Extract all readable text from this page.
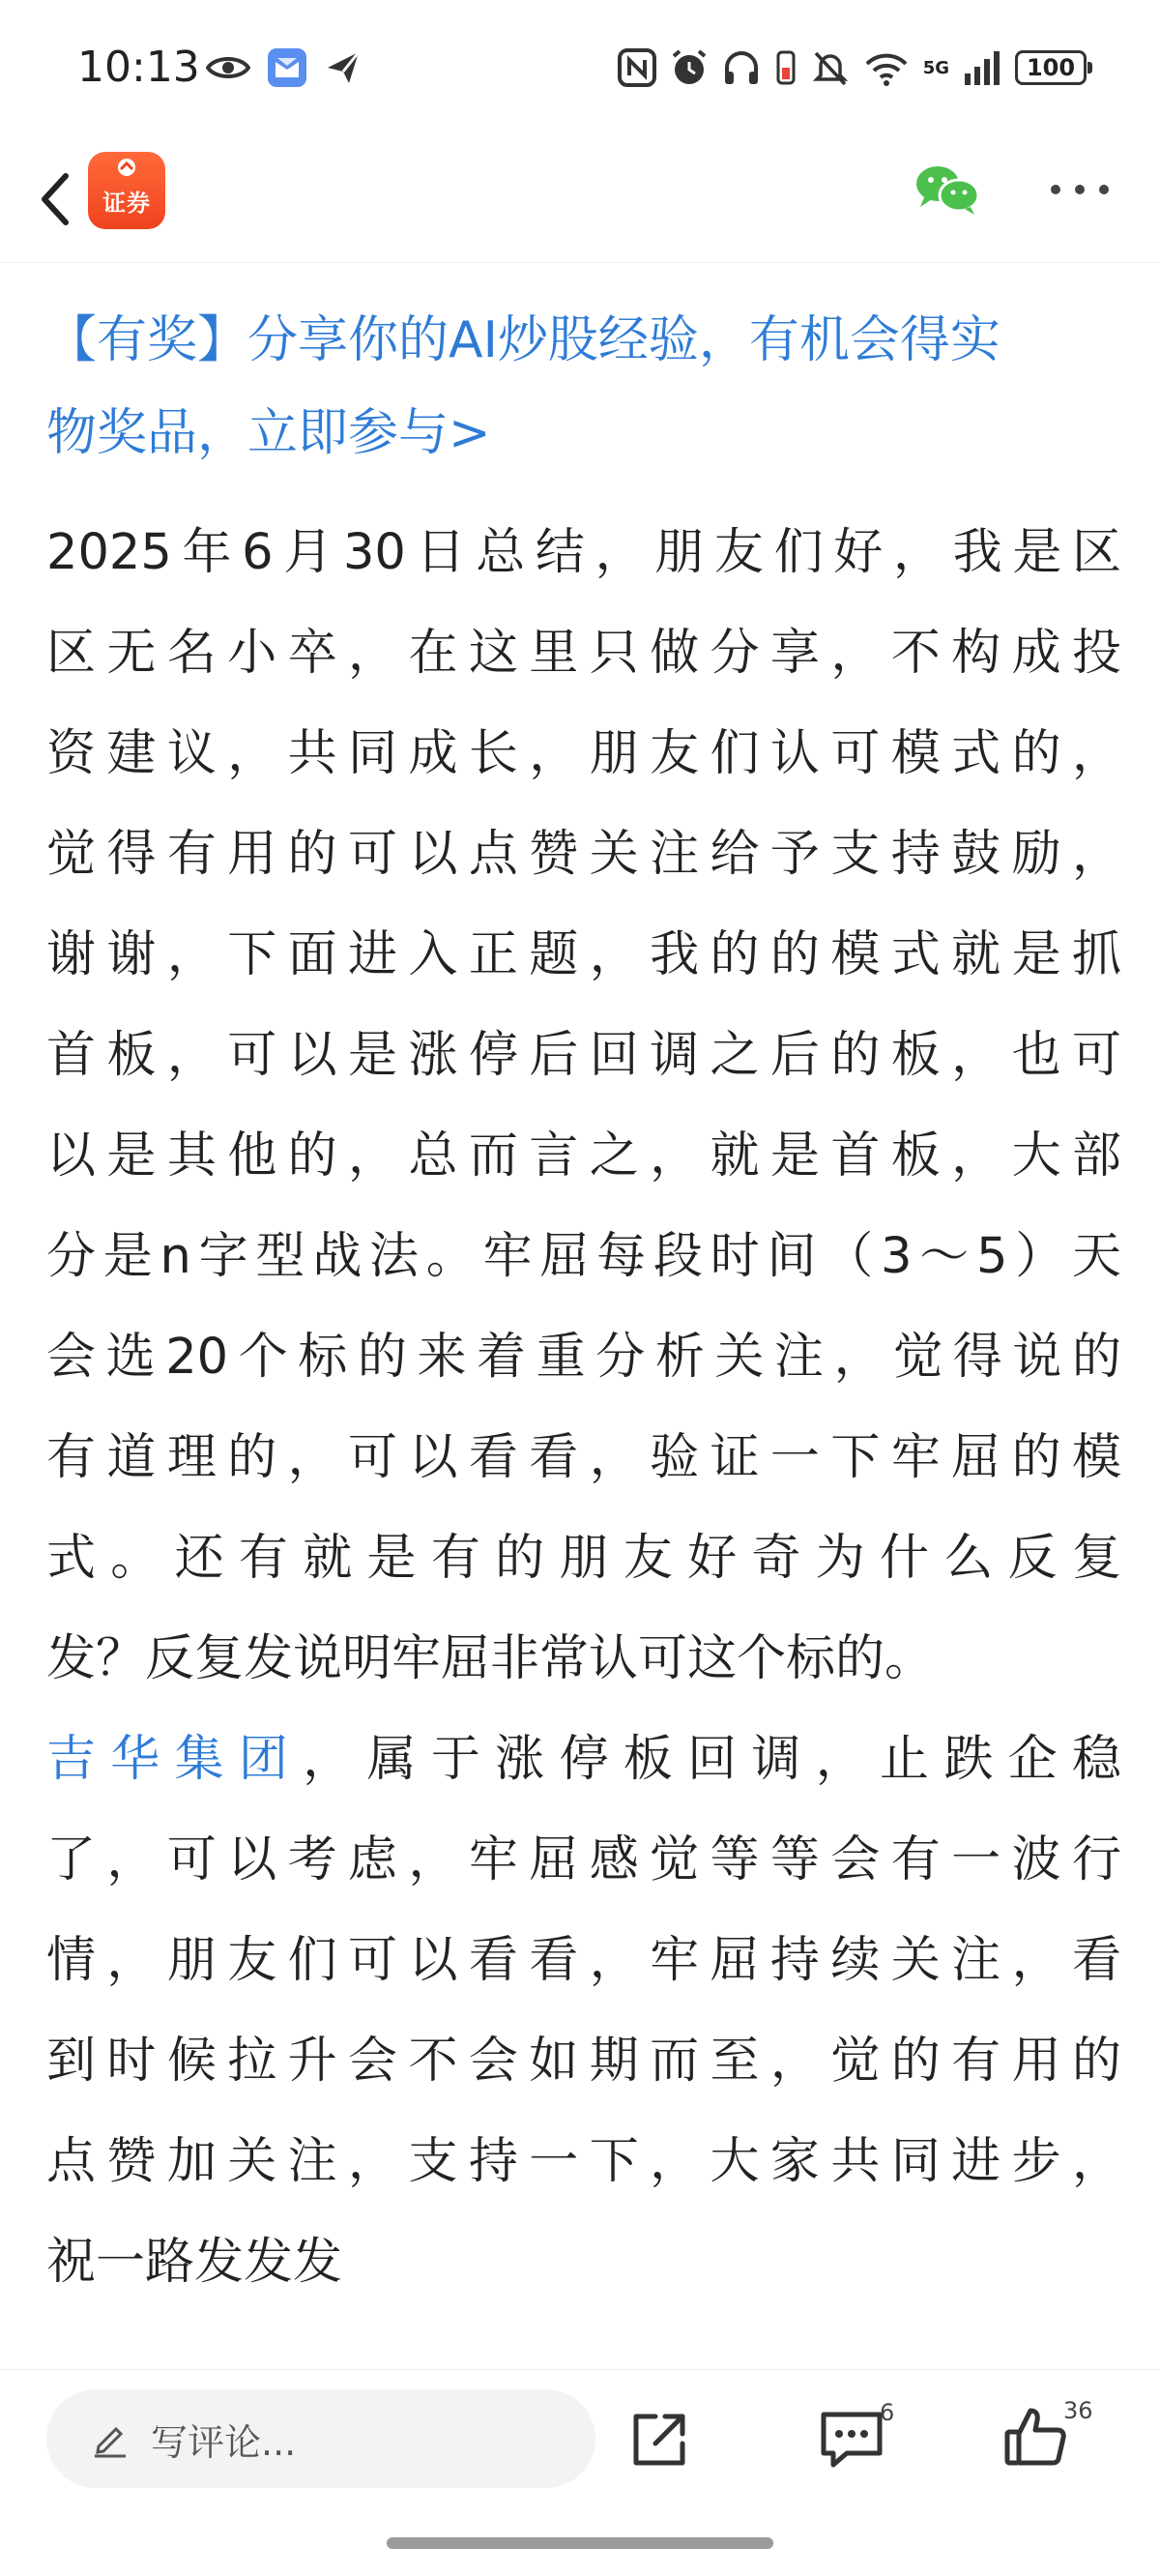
10:13	5G	100
证券

【有奖】分享你的AI炒股经验，有机会得实

物奖品，立即参与>

2025年6月30日总结，朋友们好，我是区
区无名小卒，在这里只做分享，不构成投
资建议，共同成长，朋友们认可模式的，
觉得有用的可以点赞关注给予支持鼓励，
谢谢，下面进入正题，我的的模式就是抓
首板，可以是涨停后回调之后的板，也可
以是其他的，总而言之，就是首板，大部
分是n字型战法。牢屈每段时间（3～5）天
会选20个标的来着重分析关注，觉得说的
有道理的，可以看看，验证一下牢屈的模
式。还有就是有的朋友好奇为什么反复
发？反复发说明牢屈非常认可这个标的。
吉华集团，属于涨停板回调，止跌企稳
了，可以考虑，牢屈感觉等等会有一波行
情，朋友们可以看看，牢屈持续关注，看
到时候拉升会不会如期而至，觉的有用的
点赞加关注，支持一下，大家共同进步，
祝一路发发发
写评论...
6	36
